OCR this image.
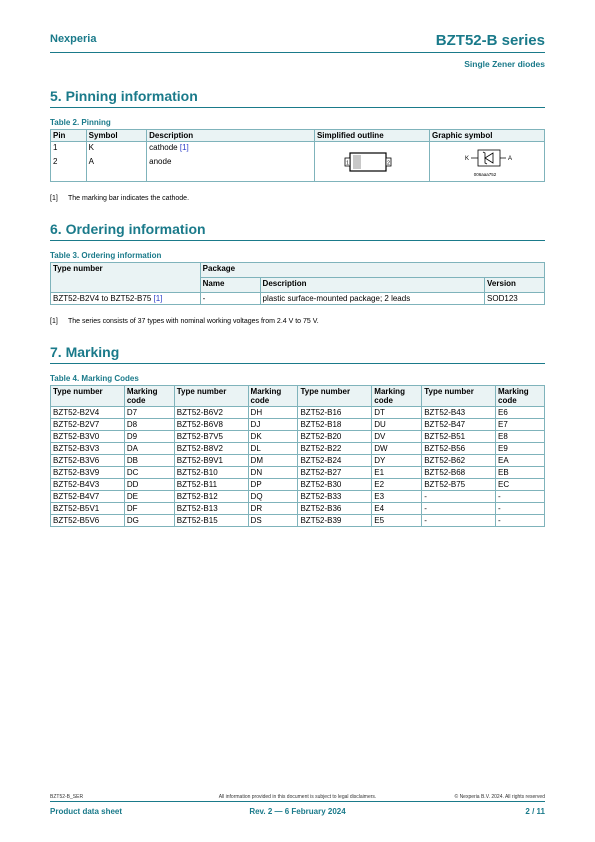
Nexperia	BZT52-B series
Single Zener diodes
5. Pinning information
Table 2. Pinning
Pin	Symbol	Description	Simplified outline	Graphic symbol
1	K	cathode [1]	1 2	K A
006aaa752

2	A	anode		
[1] The marking bar indicates the cathode.
6. Ordering information
Table 3. Ordering information
Type number	Package		
	Name	Description	Version
BZT52-B2V4 to BZT52-B75 [1]	-	plastic surface-mounted package; 2 leads	SOD123
[1] The series consists of 37 types with nominal working voltages from 2.4 V to 75 V.
7. Marking
Table 4. Marking Codes
Type number	Marking code	Type number	Marking code	Type number	Marking code	Type number	Marking code
BZT52-B2V4	D7	BZT52-B6V2	DH	BZT52-B16	DT	BZT52-B43	E6
BZT52-B2V7	D8	BZT52-B6V8	DJ	BZT52-B18	DU	BZT52-B47	E7
BZT52-B3V0	D9	BZT52-B7V5	DK	BZT52-B20	DV	BZT52-B51	E8
BZT52-B3V3	DA	BZT52-B8V2	DL	BZT52-B22	DW	BZT52-B56	E9
BZT52-B3V6	DB	BZT52-B9V1	DM	BZT52-B24	DY	BZT52-B62	EA
BZT52-B3V9	DC	BZT52-B10	DN	BZT52-B27	E1	BZT52-B68	EB
BZT52-B4V3	DD	BZT52-B11	DP	BZT52-B30	E2	BZT52-B75	EC
BZT52-B4V7	DE	BZT52-B12	DQ	BZT52-B33	E3	-	-
BZT52-B5V1	DF	BZT52-B13	DR	BZT52-B36	E4	-	-
BZT52-B5V6	DG	BZT52-B15	DS	BZT52-B39	E5	-	-
BZT52-B_SER	All information provided in this document is subject to legal disclaimers.	© Nexperia B.V. 2024. All rights reserved
Product data sheet	Rev. 2 — 6 February 2024	2 / 11
